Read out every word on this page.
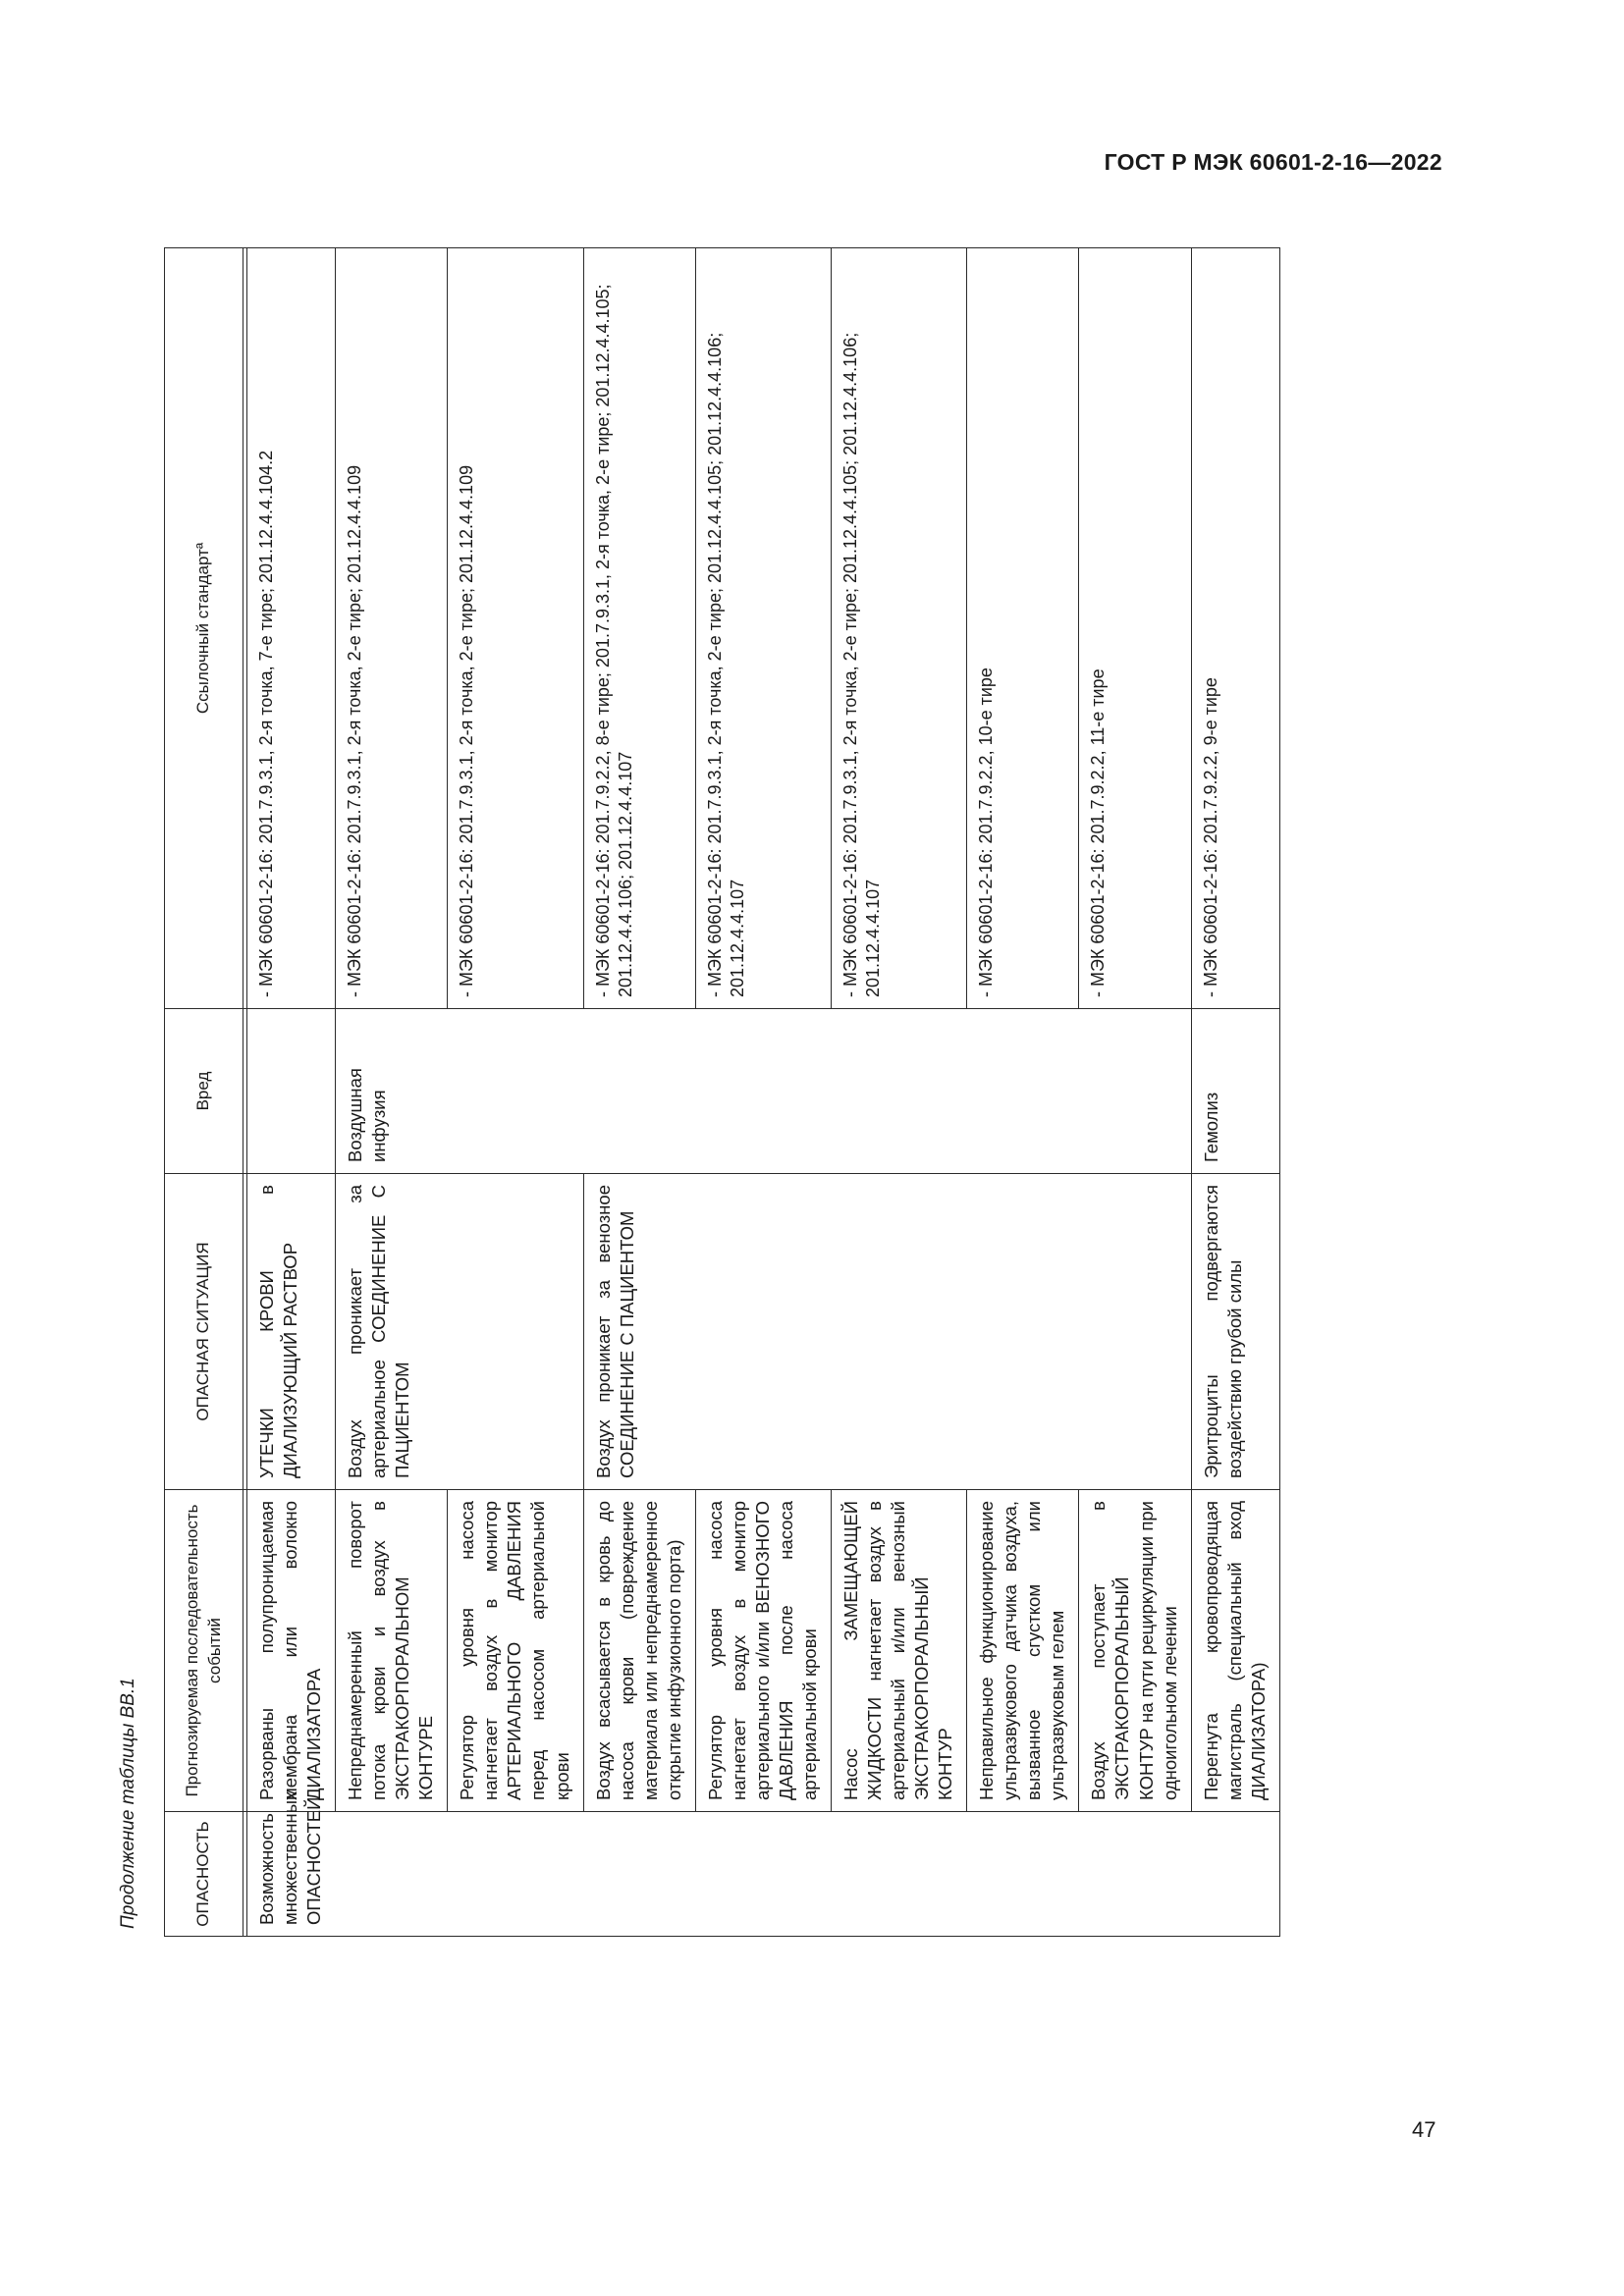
ГОСТ Р МЭК 60601-2-16—2022
Продолжение таблицы ВВ.1	ОПАСНОСТЬ	Прогнозируемая последовательность событий	ОПАСНАЯ СИТУАЦИЯ	Вред	Ссылочный стандартª

Возможность множественных ОПАСНОСТЕЙ	Разорваны полупроницаемая мембрана или волокно ДИАЛИЗАТОРА	УТЕЧКИ КРОВИ в ДИАЛИЗУЮЩИЙ РАСТВОР		- МЭК 60601-2-16: 201.7.9.3.1, 2-я точка, 7-е тире; 201.12.4.4.104.2
	Непреднамеренный поворот потока крови и воздух в ЭКСТРАКОРПОРАЛЬНОМ КОНТУРЕ	Воздух проникает за артериальное СОЕДИНЕНИЕ С ПАЦИЕНТОМ	Воздушная инфузия	- МЭК 60601-2-16: 201.7.9.3.1, 2-я точка, 2-е тире; 201.12.4.4.109
	Регулятор уровня насоса нагнетает воздух в монитор АРТЕРИАЛЬНОГО ДАВЛЕНИЯ перед насосом артериальной крови			- МЭК 60601-2-16: 201.7.9.3.1, 2-я точка, 2-е тире; 201.12.4.4.109
	Воздух всасывается в кровь до насоса крови (повреждение материала или непреднамеренное открытие инфузионного порта)	Воздух проникает за венозное СОЕДИНЕНИЕ С ПАЦИЕНТОМ		- МЭК 60601-2-16: 201.7.9.2.2, 8-е тире; 201.7.9.3.1, 2-я точка, 2-е тире; 201.12.4.4.105; 201.12.4.4.106; 201.12.4.4.107
	Регулятор уровня насоса нагнетает воздух в монитор артериального и/или ВЕНОЗНОГО ДАВЛЕНИЯ после насоса артериальной крови			- МЭК 60601-2-16: 201.7.9.3.1, 2-я точка, 2-е тире; 201.12.4.4.105; 201.12.4.4.106; 201.12.4.4.107
	Насос ЗАМЕЩАЮЩЕЙ ЖИДКОСТИ нагнетает воздух в артериальный и/или венозный ЭКСТРАКОРПОРАЛЬНЫЙ КОНТУР			- МЭК 60601-2-16: 201.7.9.3.1, 2-я точка, 2-е тире; 201.12.4.4.105; 201.12.4.4.106; 201.12.4.4.107
	Неправильное функционирование ультразвукового датчика воздуха, вызванное сгустком или ультразвуковым гелем			- МЭК 60601-2-16: 201.7.9.2.2, 10-е тире
	Воздух поступает в ЭКСТРАКОРПОРАЛЬНЫЙ КОНТУР на пути рециркуляции при одноигольном лечении			- МЭК 60601-2-16: 201.7.9.2.2, 11-е тире
	Перегнута кровопроводящая магистраль (специальный вход ДИАЛИЗАТОРА)	Эритроциты подвергаются воздействию грубой силы	Гемолиз	- МЭК 60601-2-16: 201.7.9.2.2, 9-е тире
47
